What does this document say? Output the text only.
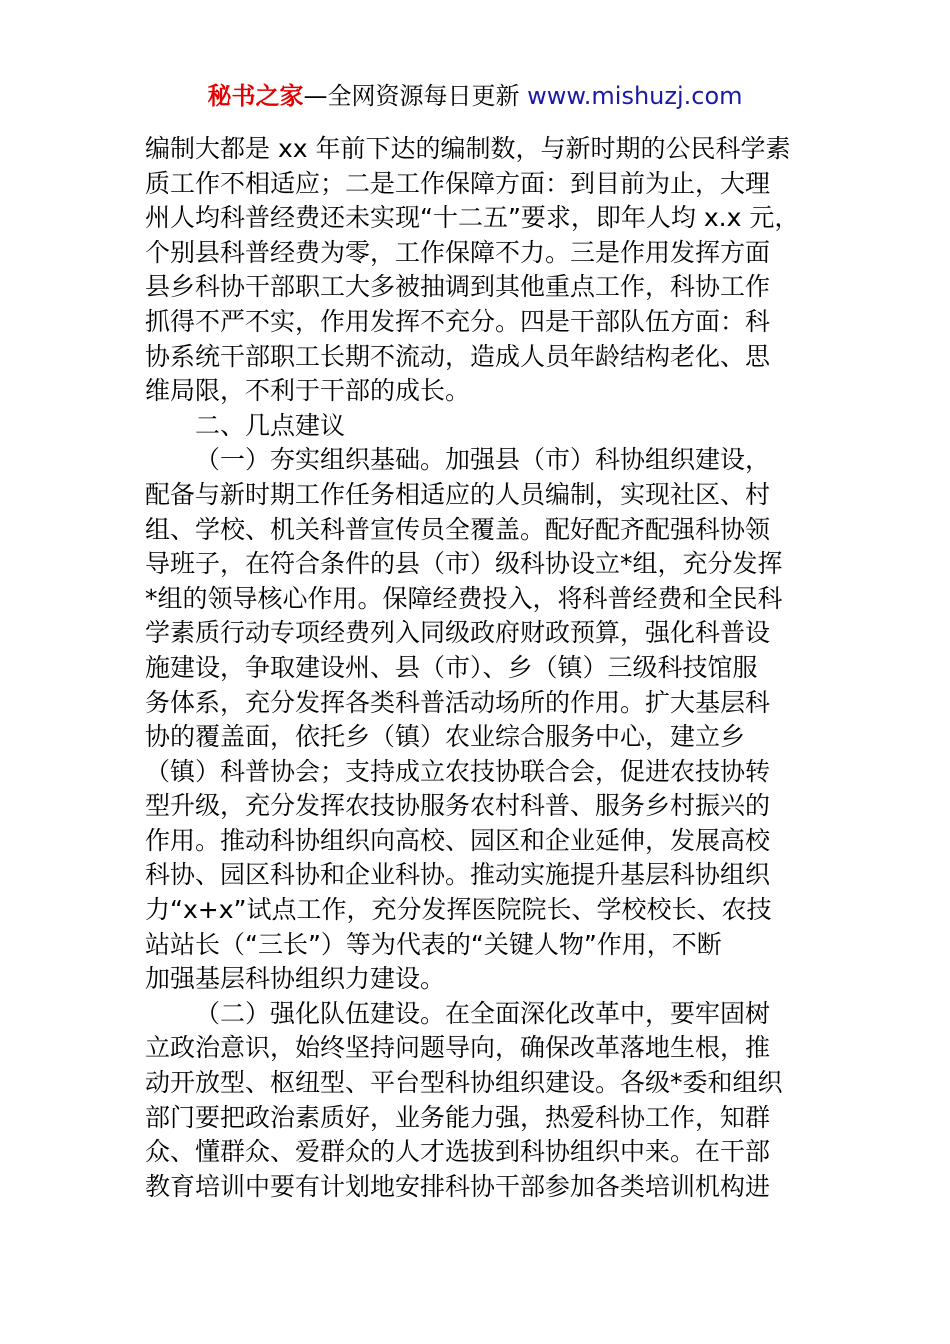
秘书之家—全网资源每日更新 www.mishuzj.com
编制大都是 xx 年前下达的编制数，与新时期的公民科学素
质工作不相适应；二是工作保障方面：到目前为止，大理
州人均科普经费还未实现“十二五”要求，即年人均 x.x 元，
个别县科普经费为零，工作保障不力。三是作用发挥方面
县乡科协干部职工大多被抽调到其他重点工作，科协工作
抓得不严不实，作用发挥不充分。四是干部队伍方面：科
协系统干部职工长期不流动，造成人员年龄结构老化、思
维局限，不利于干部的成长。
二、几点建议
（一）夯实组织基础。加强县（市）科协组织建设，
配备与新时期工作任务相适应的人员编制，实现社区、村
组、学校、机关科普宣传员全覆盖。配好配齐配强科协领
导班子，在符合条件的县（市）级科协设立*组，充分发挥
*组的领导核心作用。保障经费投入，将科普经费和全民科
学素质行动专项经费列入同级政府财政预算，强化科普设
施建设，争取建设州、县（市）、乡（镇）三级科技馆服
务体系，充分发挥各类科普活动场所的作用。扩大基层科
协的覆盖面，依托乡（镇）农业综合服务中心，建立乡
（镇）科普协会；支持成立农技协联合会，促进农技协转
型升级，充分发挥农技协服务农村科普、服务乡村振兴的
作用。推动科协组织向高校、园区和企业延伸，发展高校
科协、园区科协和企业科协。推动实施提升基层科协组织
力“x+x”试点工作，充分发挥医院院长、学校校长、农技
站站长（“三长”）等为代表的“关键人物”作用，不断
加强基层科协组织力建设。
（二）强化队伍建设。在全面深化改革中，要牢固树
立政治意识，始终坚持问题导向，确保改革落地生根，推
动开放型、枢纽型、平台型科协组织建设。各级*委和组织
部门要把政治素质好，业务能力强，热爱科协工作，知群
众、懂群众、爱群众的人才选拔到科协组织中来。在干部
教育培训中要有计划地安排科协干部参加各类培训机构进
